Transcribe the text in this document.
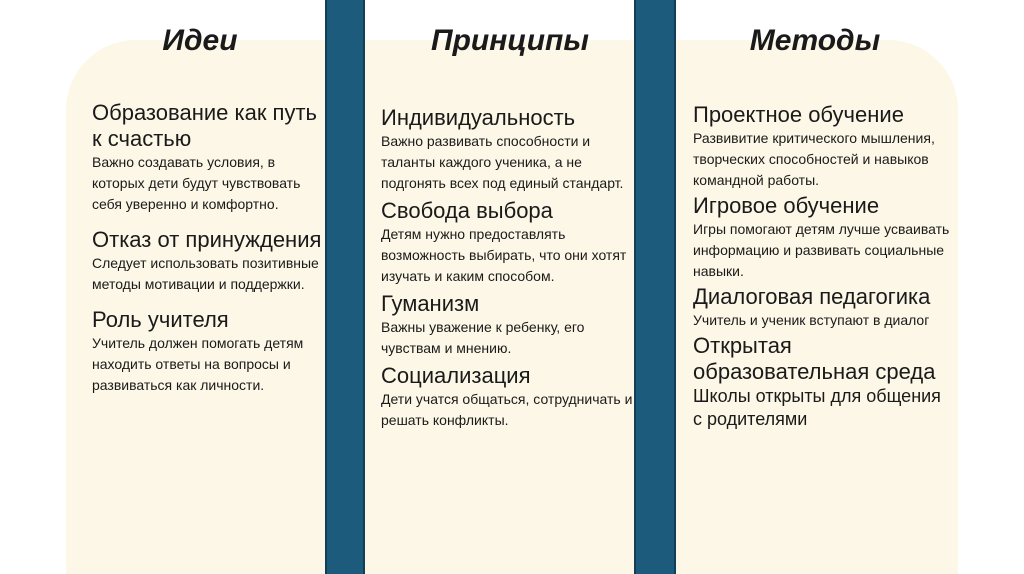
Идеи	Принципы	Методы
Образование как путь к счастью
Важно создавать условия, в которых дети будут чувствовать себя уверенно и комфортно.
Отказ от принуждения
Следует использовать позитивные методы мотивации и поддержки.
Роль учителя
Учитель должен помогать детям находить ответы на вопросы и развиваться как личности.
Индивидуальность
Важно развивать способности и таланты каждого ученика, а не подгонять всех под единый стандарт.
Свобода выбора
Детям нужно предоставлять возможность выбирать, что они хотят изучать и каким способом.
Гуманизм
Важны уважение к ребенку, его чувствам и мнению.
Социализация
Дети учатся общаться, сотрудничать и решать конфликты.
Проектное обучение
Развивитие критического мышления, творческих способностей и навыков командной работы.
Игровое обучение
Игры помогают детям лучше усваивать информацию и развивать социальные навыки.
Диалоговая педагогика
Учитель и ученик вступают в диалог
Открытая образовательная среда
Школы открыты для общения с родителями
